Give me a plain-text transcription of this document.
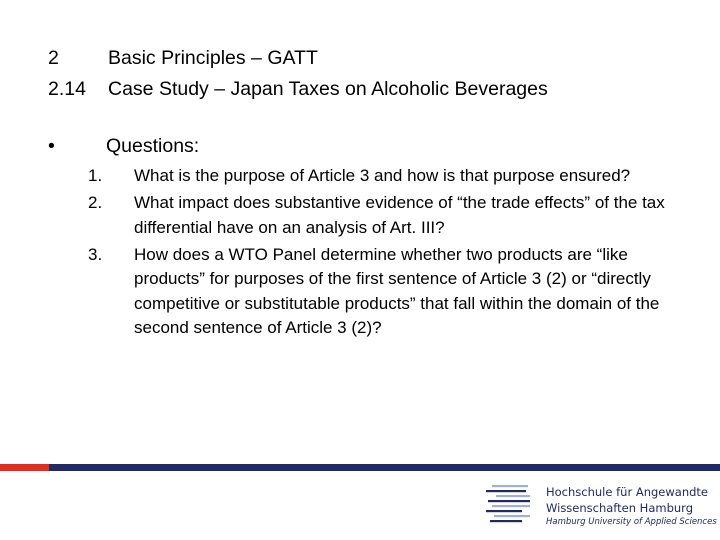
2	Basic Principles – GATT
2.14 Case Study – Japan Taxes on Alcoholic Beverages
•	Questions:
1. What is the purpose of Article 3 and how is that purpose ensured?
2. What impact does substantive evidence of “the trade effects” of the tax differential have on an analysis of Art. III?
3. How does a WTO Panel determine whether two products are “like products” for purposes of the first sentence of Article 3 (2) or “directly competitive or substitutable products” that fall within the domain of the second sentence of Article 3 (2)?
Hochschule für Angewandte
Wissenschaften Hamburg
Hamburg University of Applied Sciences
